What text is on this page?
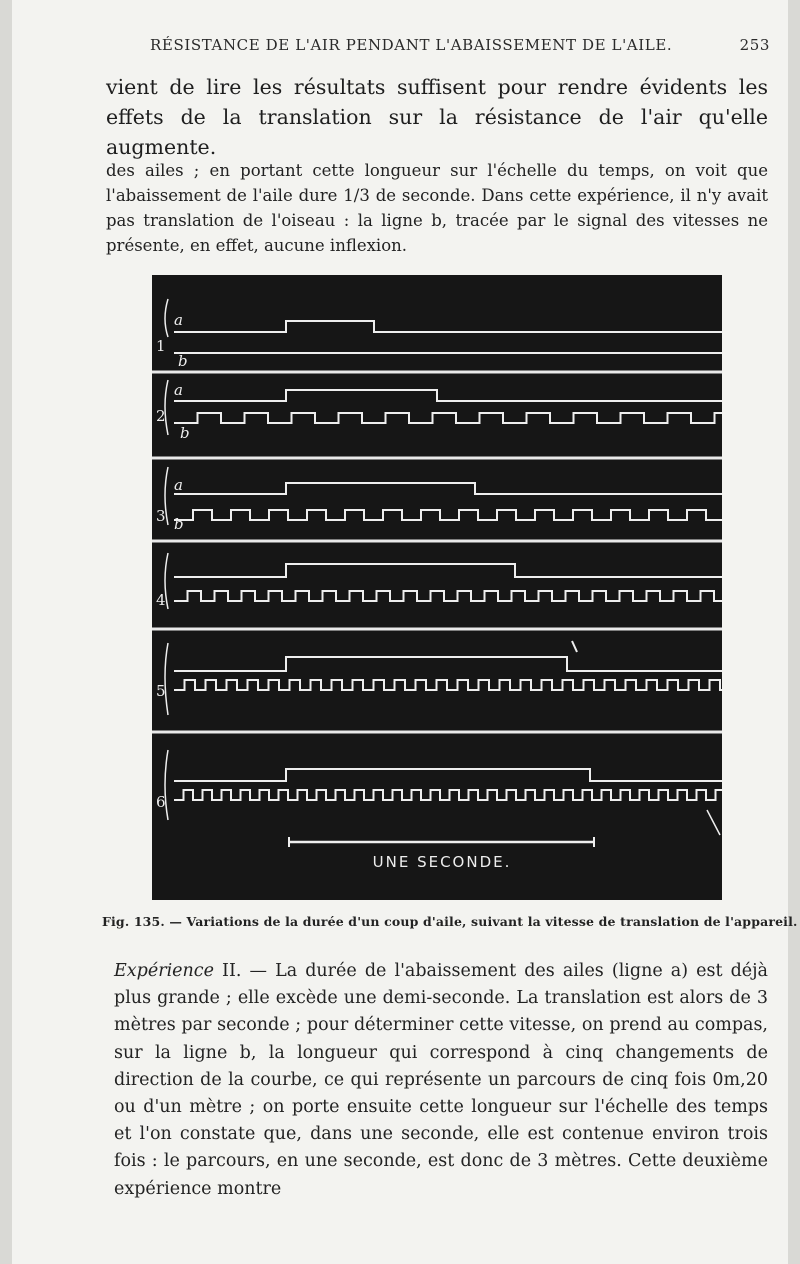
RÉSISTANCE DE L'AIR PENDANT L'ABAISSEMENT DE L'AILE.	253
vient de lire les résultats suffisent pour rendre évidents les effets de la translation sur la résistance de l'air qu'elle augmente.
des ailes ; en portant cette longueur sur l'échelle du temps, on voit que l'abaissement de l'aile dure 1/3 de seconde. Dans cette expérience, il n'y avait pas translation de l'oiseau : la ligne b, tracée par le signal des vitesses ne présente, en effet, aucune inflexion.
1
a
b
2
a
b
3
a
b
4
5
6
UNE SECONDE.
Fig. 135. — Variations de la durée d'un coup d'aile, suivant la vitesse de translation de l'appareil.
Expérience II. — La durée de l'abaissement des ailes (ligne a) est déjà plus grande ; elle excède une demi-seconde. La translation est alors de 3 mètres par seconde ; pour déterminer cette vitesse, on prend au compas, sur la ligne b, la longueur qui correspond à cinq changements de direction de la courbe, ce qui représente un parcours de cinq fois 0m,20 ou d'un mètre ; on porte ensuite cette longueur sur l'échelle des temps et l'on constate que, dans une seconde, elle est contenue environ trois fois : le parcours, en une seconde, est donc de 3 mètres. Cette deuxième expérience montre
